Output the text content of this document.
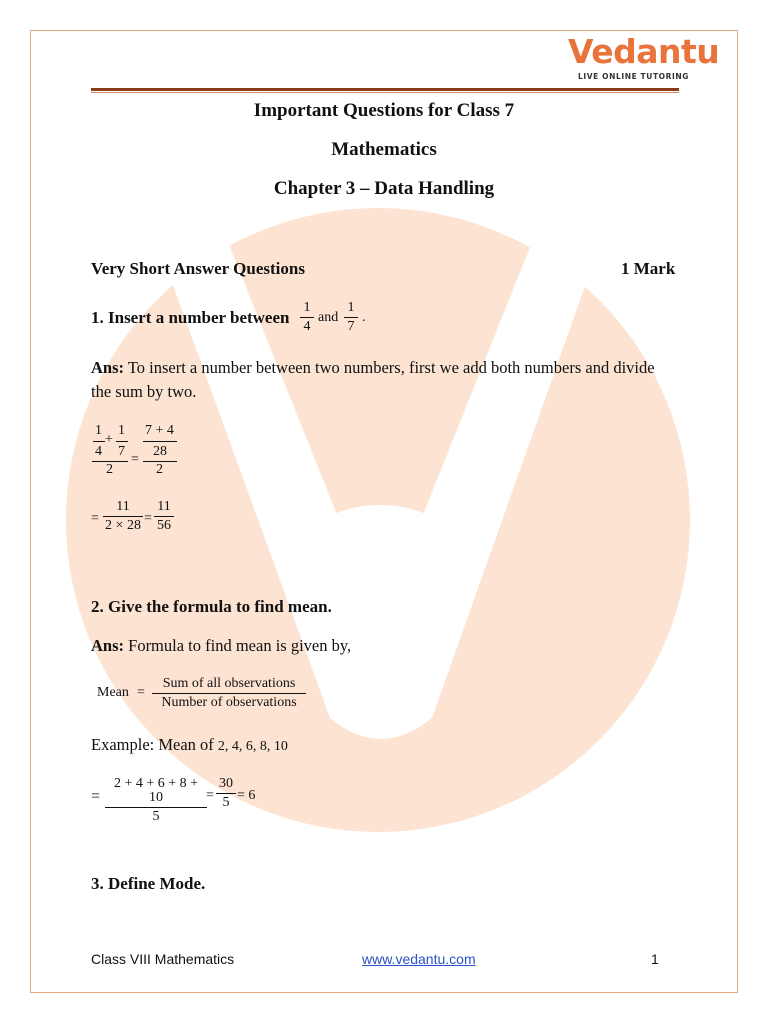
Vedantu
LIVE ONLINE TUTORING
Important Questions for Class 7
Mathematics
Chapter 3 – Data Handling
Very Short Answer Questions	1 Mark
1. Insert a number between
1
4
and
1
7
.
Ans: To insert a number between two numbers, first we add both numbers and divide
the sum by two.
1
4
+
1
7
2
=
7 + 4
28
2
=
11
2 × 28 =
11
56
2. Give the formula to find mean.
Ans: Formula to find mean is given by,
Mean =
Sum of all observations
Number of observations
Example: Mean of 2, 4, 6, 8, 10
=
2 + 4 + 6 + 8 + 10
5
=
30
5 = 6
3. Define Mode.
Class VIII Mathematics	www.vedantu.com	1
